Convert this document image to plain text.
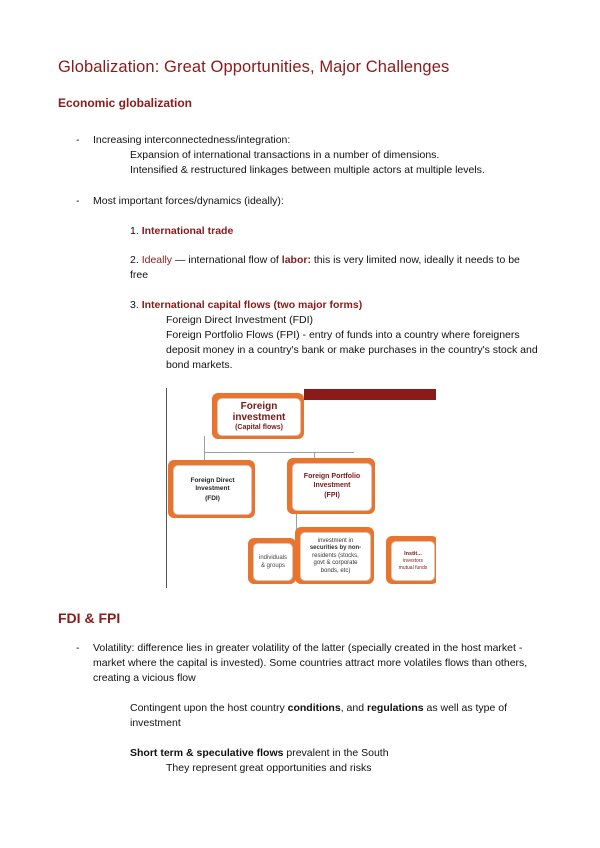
Globalization: Great Opportunities, Major Challenges
Economic globalization
- Increasing interconnectedness/integration:
Expansion of international transactions in a number of dimensions.
Intensified & restructured linkages between multiple actors at multiple levels.
- Most important forces/dynamics (ideally):
1. International trade
2. Ideally — international flow of labor: this is very limited now, ideally it needs to be free
3. International capital flows (two major forms)
Foreign Direct Investment (FDI)
Foreign Portfolio Flows (FPI) - entry of funds into a country where foreigners deposit money in a country's bank or make purchases in the country's stock and bond markets.
Foreign
investment
(Capital flows)
Foreign Direct
Investment
(FDI)
Foreign Portfolio
Investment
(FPI)
individuals
& groups
investment in
securities by non-
residents (stocks,
govt & corporate
bonds, etc)
Instit...
investors
mutual funds
FDI & FPI
- Volatility: difference lies in greater volatility of the latter (specially created in the host market - market where the capital is invested). Some countries attract more volatiles flows than others, creating a vicious flow
Contingent upon the host country conditions, and regulations as well as type of investment
Short term & speculative flows prevalent in the South
They represent great opportunities and risks
